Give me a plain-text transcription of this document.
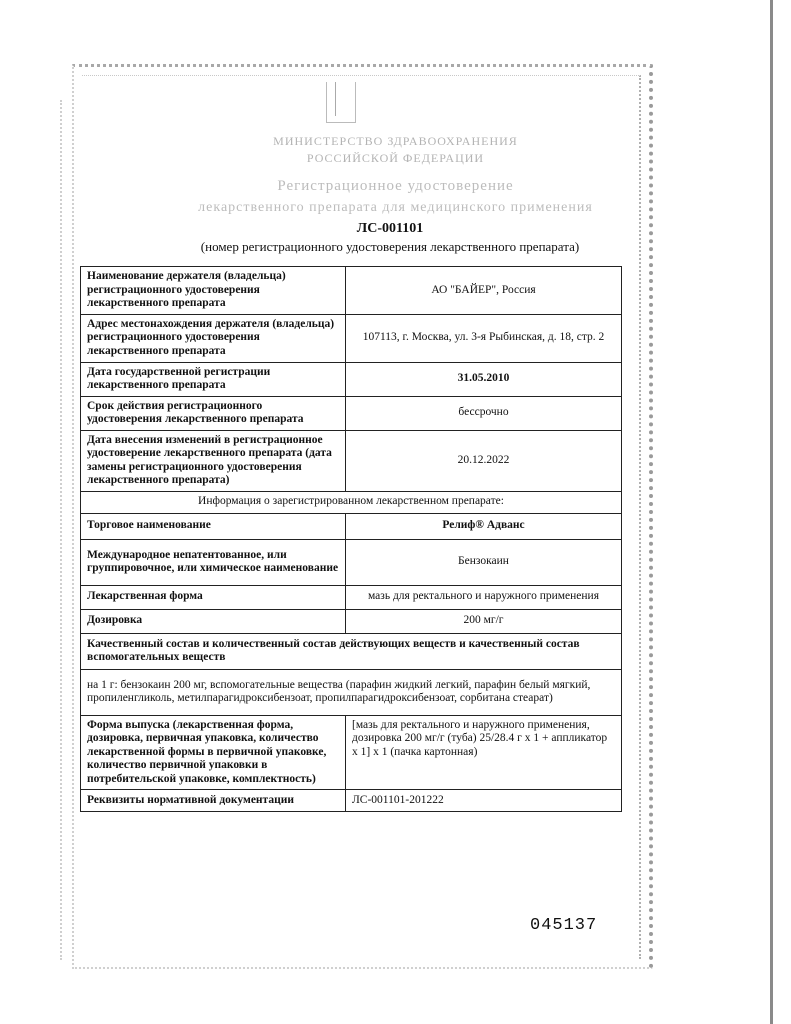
МИНИСТЕРСТВО ЗДРАВООХРАНЕНИЯ
РОССИЙСКОЙ ФЕДЕРАЦИИ
Регистрационное удостоверение
лекарственного препарата для медицинского применения
ЛС-001101
(номер регистрационного удостоверения лекарственного препарата)
Наименование держателя (владельца) регистрационного удостоверения лекарственного препарата	АО "БАЙЕР", Россия
Адрес местонахождения держателя (владельца) регистрационного удостоверения лекарственного препарата	107113, г. Москва, ул. 3-я Рыбинская, д. 18, стр. 2
Дата государственной регистрации лекарственного препарата	31.05.2010
Срок действия регистрационного удостоверения лекарственного препарата	бессрочно
Дата внесения изменений в регистрационное удостоверение лекарственного препарата (дата замены регистрационного удостоверения лекарственного препарата)	20.12.2022
Информация о зарегистрированном лекарственном препарате:	
Торговое наименование	Релиф® Адванс
Международное непатентованное, или группировочное, или химическое наименование	Бензокаин
Лекарственная форма	мазь для ректального и наружного применения
Дозировка	200 мг/г
Качественный состав и количественный состав действующих веществ и качественный состав вспомогательных веществ	
на 1 г: бензокаин 200 мг, вспомогательные вещества (парафин жидкий легкий, парафин белый мягкий, пропиленгликоль, метилпарагидроксибензоат, пропилпарагидроксибензоат, сорбитана стеарат)	
Форма выпуска (лекарственная форма, дозировка, первичная упаковка, количество лекарственной формы в первичной упаковке, количество первичной упаковки в потребительской упаковке, комплектность)	[мазь для ректального и наружного применения, дозировка 200 мг/г (туба) 25/28.4 г x 1 + аппликатор x 1] x 1 (пачка картонная)
Реквизиты нормативной документации	ЛС-001101-201222
045137
